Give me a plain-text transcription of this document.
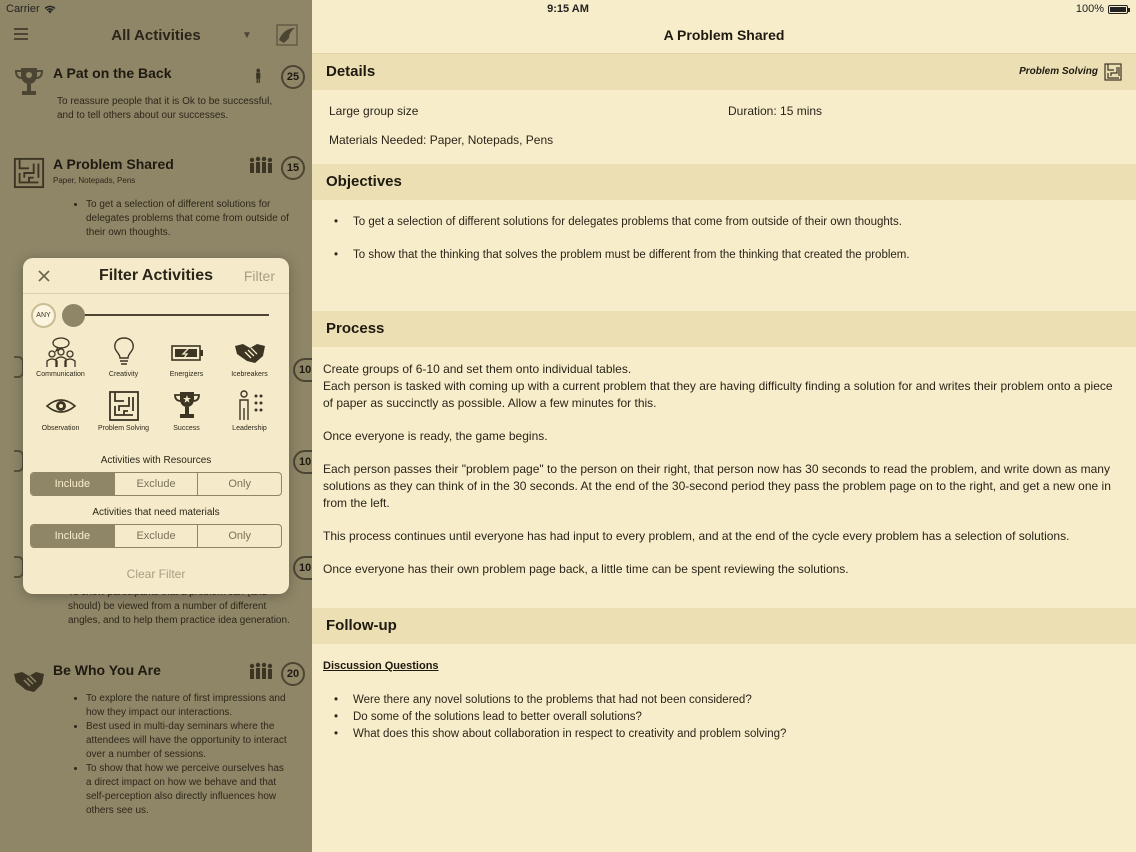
Carrier	9:15 AM	100%
All Activities	▼
A Pat on the Back	25
To reassure people that it is Ok to be successful, and to tell others about our successes.
A Problem Shared
Paper, Notepads, Pens
15
• To get a selection of different solutions for delegates problems that come from outside of their own thoughts.
10
10
10
should) be viewed from a number of different angles, and to help them practice idea generation.
Be Who You Are	20
• To explore the nature of first impressions and how they impact our interactions.
• Best used in multi-day seminars where the attendees will have the opportunity to interact over a number of sessions.
• To show that how we perceive ourselves has a direct impact on how we behave and that self-perception also directly influences how others see us.
Filter Activities	Filter
ANY
Communication	Creativity	Energizers	Icebreakers
Observation	Problem Solving	Success	Leadership
Activities with Resources
Include	Exclude	Only
Activities that need materials
Include	Exclude	Only
Clear Filter
A Problem Shared
Details	Problem Solving
Large group size	Duration: 15 mins
Materials Needed: Paper, Notepads, Pens
Objectives
• To get a selection of different solutions for delegates problems that come from outside of their own thoughts.
• To show that the thinking that solves the problem must be different from the thinking that created the problem.
Process
Create groups of 6-10 and set them onto individual tables.
Each person is tasked with coming up with a current problem that they are having difficulty finding a solution for and writes their problem onto a piece of paper as succinctly as possible. Allow a few minutes for this.
Once everyone is ready, the game begins.
Each person passes their "problem page" to the person on their right, that person now has 30 seconds to read the problem, and write down as many solutions as they can think of in the 30 seconds. At the end of the 30-second period they pass the problem page on to the right, and get a new one in from the left.
This process continues until everyone has had input to every problem, and at the end of the cycle every problem has a selection of solutions.
Once everyone has their own problem page back, a little time can be spent reviewing the solutions.
Follow-up
Discussion Questions
• Were there any novel solutions to the problems that had not been considered?
• Do some of the solutions lead to better overall solutions?
• What does this show about collaboration in respect to creativity and problem solving?
